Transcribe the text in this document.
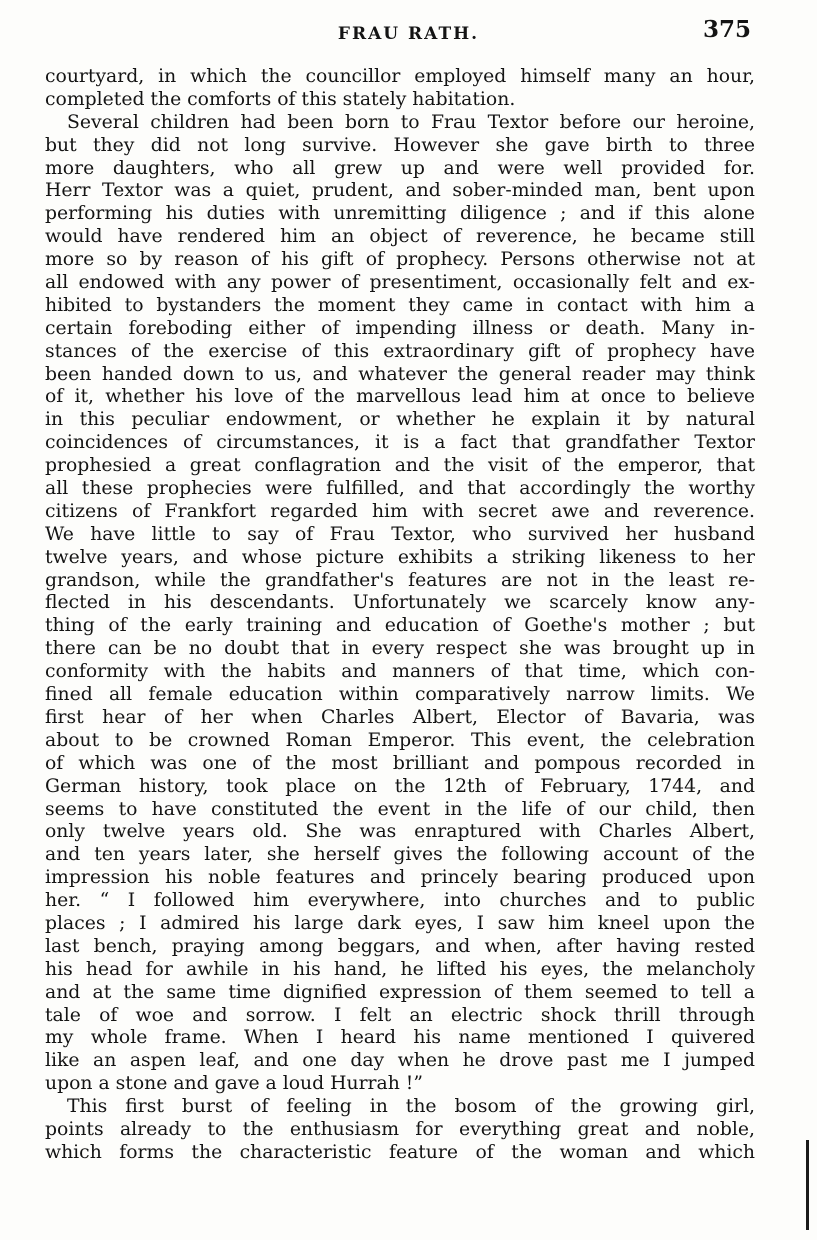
FRAU RATH.	375
courtyard, in which the councillor employed himself many an hour,
completed the comforts of this stately habitation.
Several children had been born to Frau Textor before our heroine,
but they did not long survive. However she gave birth to three
more daughters, who all grew up and were well provided for.
Herr Textor was a quiet, prudent, and sober-minded man, bent upon
performing his duties with unremitting diligence ; and if this alone
would have rendered him an object of reverence, he became still
more so by reason of his gift of prophecy. Persons otherwise not at
all endowed with any power of presentiment, occasionally felt and ex-
hibited to bystanders the moment they came in contact with him a
certain foreboding either of impending illness or death. Many in-
stances of the exercise of this extraordinary gift of prophecy have
been handed down to us, and whatever the general reader may think
of it, whether his love of the marvellous lead him at once to believe
in this peculiar endowment, or whether he explain it by natural
coincidences of circumstances, it is a fact that grandfather Textor
prophesied a great conflagration and the visit of the emperor, that
all these prophecies were fulfilled, and that accordingly the worthy
citizens of Frankfort regarded him with secret awe and reverence.
We have little to say of Frau Textor, who survived her husband
twelve years, and whose picture exhibits a striking likeness to her
grandson, while the grandfather's features are not in the least re-
flected in his descendants. Unfortunately we scarcely know any-
thing of the early training and education of Goethe's mother ; but
there can be no doubt that in every respect she was brought up in
conformity with the habits and manners of that time, which con-
fined all female education within comparatively narrow limits. We
first hear of her when Charles Albert, Elector of Bavaria, was
about to be crowned Roman Emperor. This event, the celebration
of which was one of the most brilliant and pompous recorded in
German history, took place on the 12th of February, 1744, and
seems to have constituted the event in the life of our child, then
only twelve years old. She was enraptured with Charles Albert,
and ten years later, she herself gives the following account of the
impression his noble features and princely bearing produced upon
her. “ I followed him everywhere, into churches and to public
places ; I admired his large dark eyes, I saw him kneel upon the
last bench, praying among beggars, and when, after having rested
his head for awhile in his hand, he lifted his eyes, the melancholy
and at the same time dignified expression of them seemed to tell a
tale of woe and sorrow. I felt an electric shock thrill through
my whole frame. When I heard his name mentioned I quivered
like an aspen leaf, and one day when he drove past me I jumped
upon a stone and gave a loud Hurrah !”
This first burst of feeling in the bosom of the growing girl,
points already to the enthusiasm for everything great and noble,
which forms the characteristic feature of the woman and which
